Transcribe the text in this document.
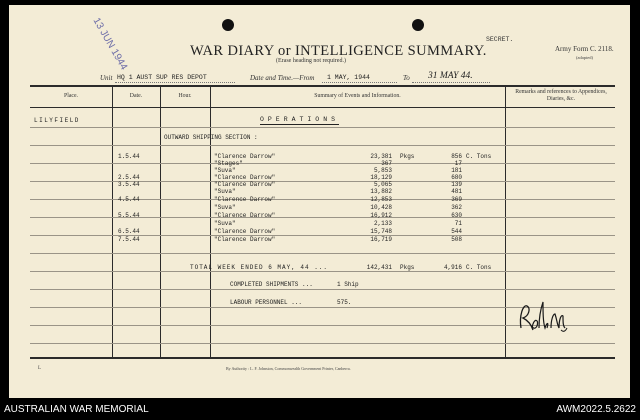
13 JUN 1944	WAR DIARY or INTELLIGENCE SUMMARY.
(Erase heading not required.)
SECRET.
Army Form C. 2118.
(adapted)
Unit HQ 1 AUST SUP RES DEPOT	Date and Time.—From 1 MAY, 1944	To 31 MAY 44.
Place.	Date.	Hour.	Summary of Events and Information.
Remarks and references to Appendices, Diaries, &c.
LILYFIELD	OPERATIONS
OUTWARD SHIPPING SECTION :
1.5.44	"Clarence Darrow"	23,381 Pkgs	856 C. Tons
"Stages"	367	17
"Suva"	5,853	181
2.5.44	"Clarence Darrow"	18,129	680
3.5.44	"Clarence Darrow"	5,065	139
"Suva"	13,882	481
4.5.44	"Clarence Darrow"	12,853	369
"Suva"	10,428	362
5.5.44	"Clarence Darrow"	16,912	630
"Suva"	2,133	71
6.5.44	"Clarence Darrow"	15,748	544
7.5.44	"Clarence Darrow"	16,719	508
TOTAL WEEK ENDED 6 MAY, 44 ...	142,431 Pkgs	4,916 C. Tons
COMPLETED SHIPMENTS ...	1 Ship
LABOUR PERSONNEL ...	575.
L	By Authority : L. F. Johnston, Commonwealth Government Printer, Canberra.
AUSTRALIAN WAR MEMORIAL	AWM2022.5.2622
